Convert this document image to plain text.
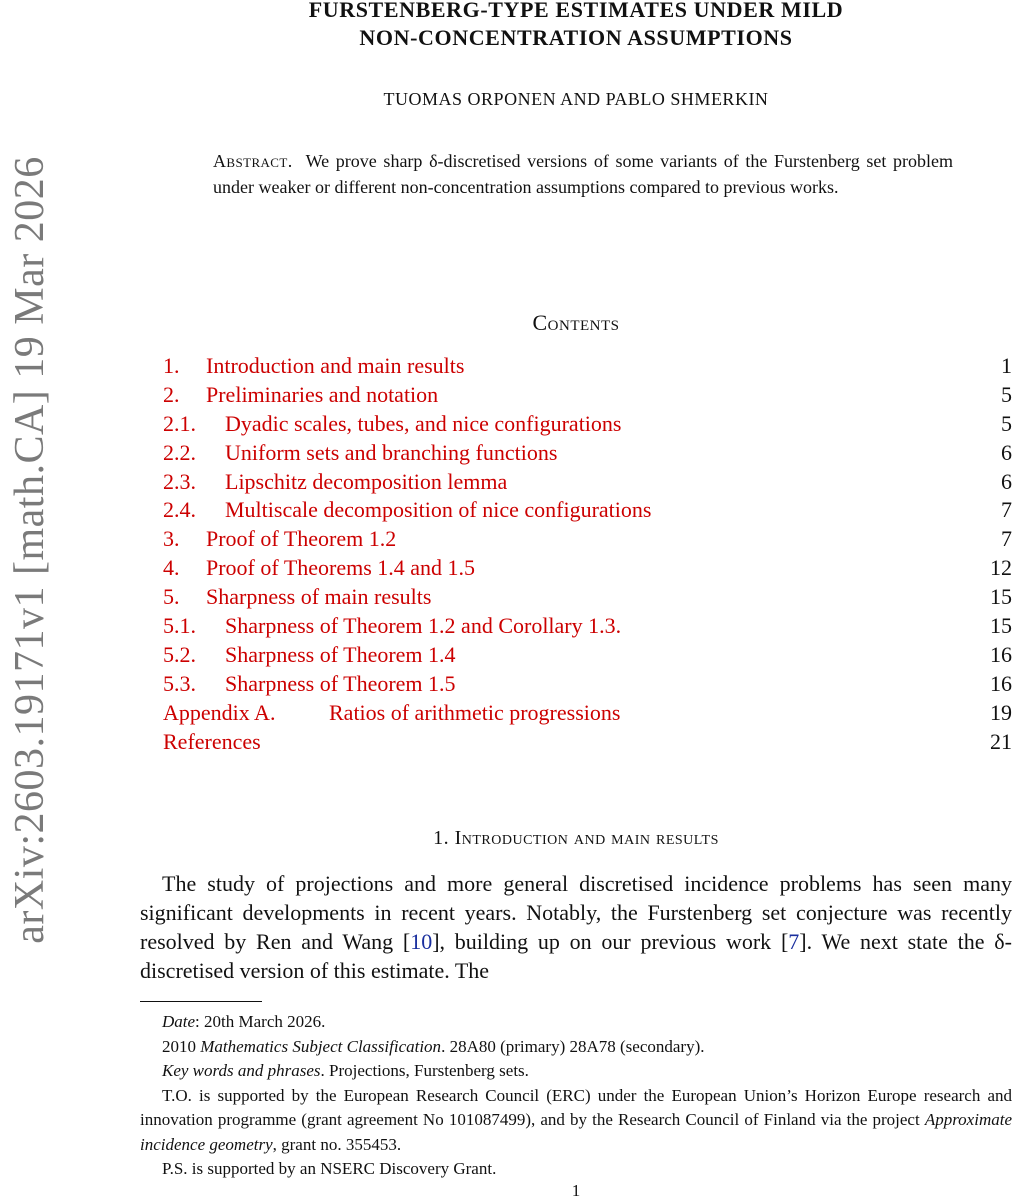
arXiv:2603.19171v1 [math.CA] 19 Mar 2026
FURSTENBERG-TYPE ESTIMATES UNDER MILD
NON-CONCENTRATION ASSUMPTIONS
TUOMAS ORPONEN AND PABLO SHMERKIN
Abstract. We prove sharp δ-discretised versions of some variants of the Furstenberg set problem under weaker or different non-concentration assumptions compared to previous works.
Contents
1. Introduction and main results	1
2. Preliminaries and notation	5
2.1. Dyadic scales, tubes, and nice configurations	5
2.2. Uniform sets and branching functions	6
2.3. Lipschitz decomposition lemma	6
2.4. Multiscale decomposition of nice configurations	7
3. Proof of Theorem 1.2	7
4. Proof of Theorems 1.4 and 1.5	12
5. Sharpness of main results	15
5.1. Sharpness of Theorem 1.2 and Corollary 1.3.	15
5.2. Sharpness of Theorem 1.4	16
5.3. Sharpness of Theorem 1.5	16
Appendix A. Ratios of arithmetic progressions	19
References	21
1. Introduction and main results
The study of projections and more general discretised incidence problems has seen many significant developments in recent years. Notably, the Furstenberg set conjecture was recently resolved by Ren and Wang [10], building up on our previous work [7]. We next state the δ-discretised version of this estimate. The

Date: 20th March 2026.

2010 Mathematics Subject Classification. 28A80 (primary) 28A78 (secondary).

Key words and phrases. Projections, Furstenberg sets.

T.O. is supported by the European Research Council (ERC) under the European Union’s Horizon Europe research and innovation programme (grant agreement No 101087499), and by the Research Council of Finland via the project Approximate incidence geometry, grant no. 355453.

P.S. is supported by an NSERC Discovery Grant.

1
